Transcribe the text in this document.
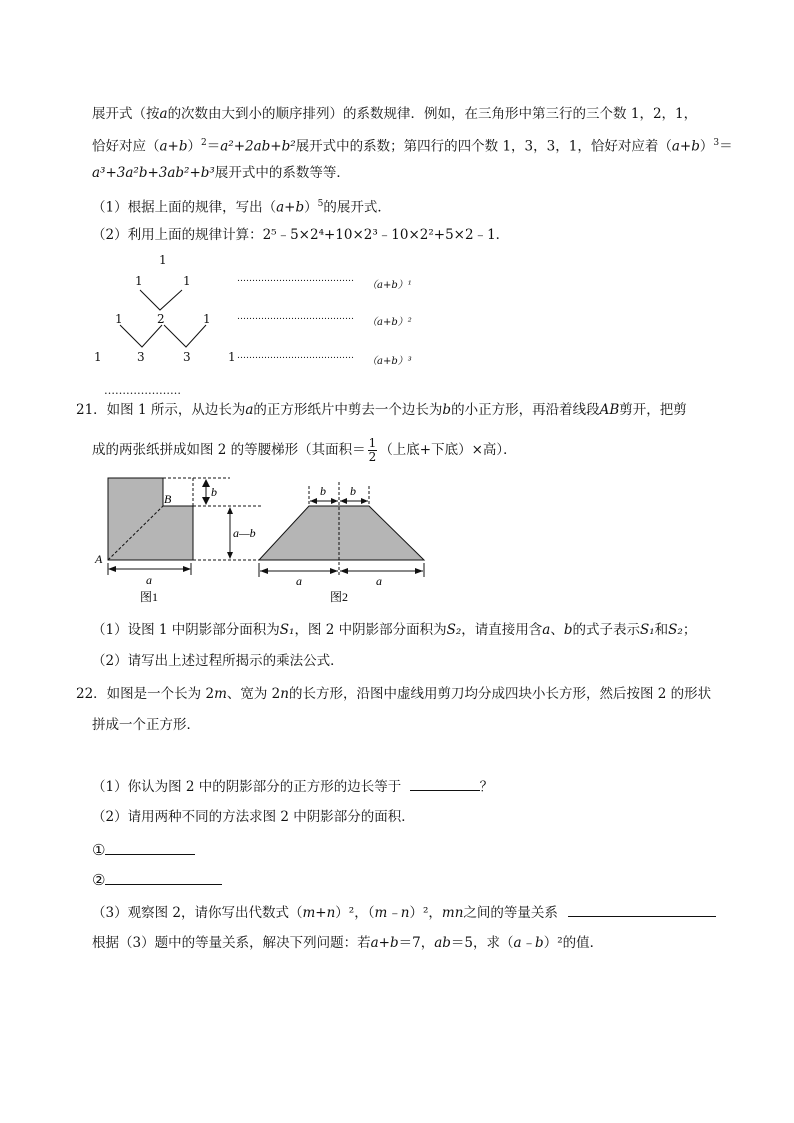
展开式（按a的次数由大到小的顺序排列）的系数规律．例如，在三角形中第三行的三个数 1，2，1，
恰好对应$(a+b)^2=a^2+2ab+b^2$展开式中的系数；第四行的四个数 1，3，3，1，恰好对应着$(a+b)^3=$
a³+3a²b+3ab²+b³展开式中的系数等等．
（1）根据上面的规律，写出$(a+b)^5$的展开式．
（2）利用上面的规律计算：2⁵﹣5×2⁴+10×2³﹣10×2²+5×2﹣1．
1
1	1
1	2	1
1	3	3	1
…………………………………
…………………………………
…………………………………
（a+b）¹
（a+b）²
（a+b）³
…………………
21．如图 1 所示，从边长为a的正方形纸片中剪去一个边长为b的小正方形，再沿着线段AB剪开，把剪
成的两张纸拼成如图 2 的等腰梯形（其面积＝ $\frac{1}{2}$ （上底+下底）×高）．
b
a—b
a
A
B
图1
b b
a	a
图2
（1）设图 1 中阴影部分面积为S₁，图 2 中阴影部分面积为S₂，请直接用含a、b的式子表示S₁和S₂；
（2）请写出上述过程所揭示的乘法公式．
22．如图是一个长为 2m、宽为 2n的长方形，沿图中虚线用剪刀均分成四块小长方形，然后按图 2 的形状
拼成一个正方形．
（1）你认为图 2 中的阴影部分的正方形的边长等于	？
（2）请用两种不同的方法求图 2 中阴影部分的面积．
①
②
（3）观察图 2，请你写出代数式（m+n）²，（m﹣n）²，mn之间的等量关系
根据（3）题中的等量关系，解决下列问题：若a+b＝7，ab＝5，求（a﹣b）²的值．
